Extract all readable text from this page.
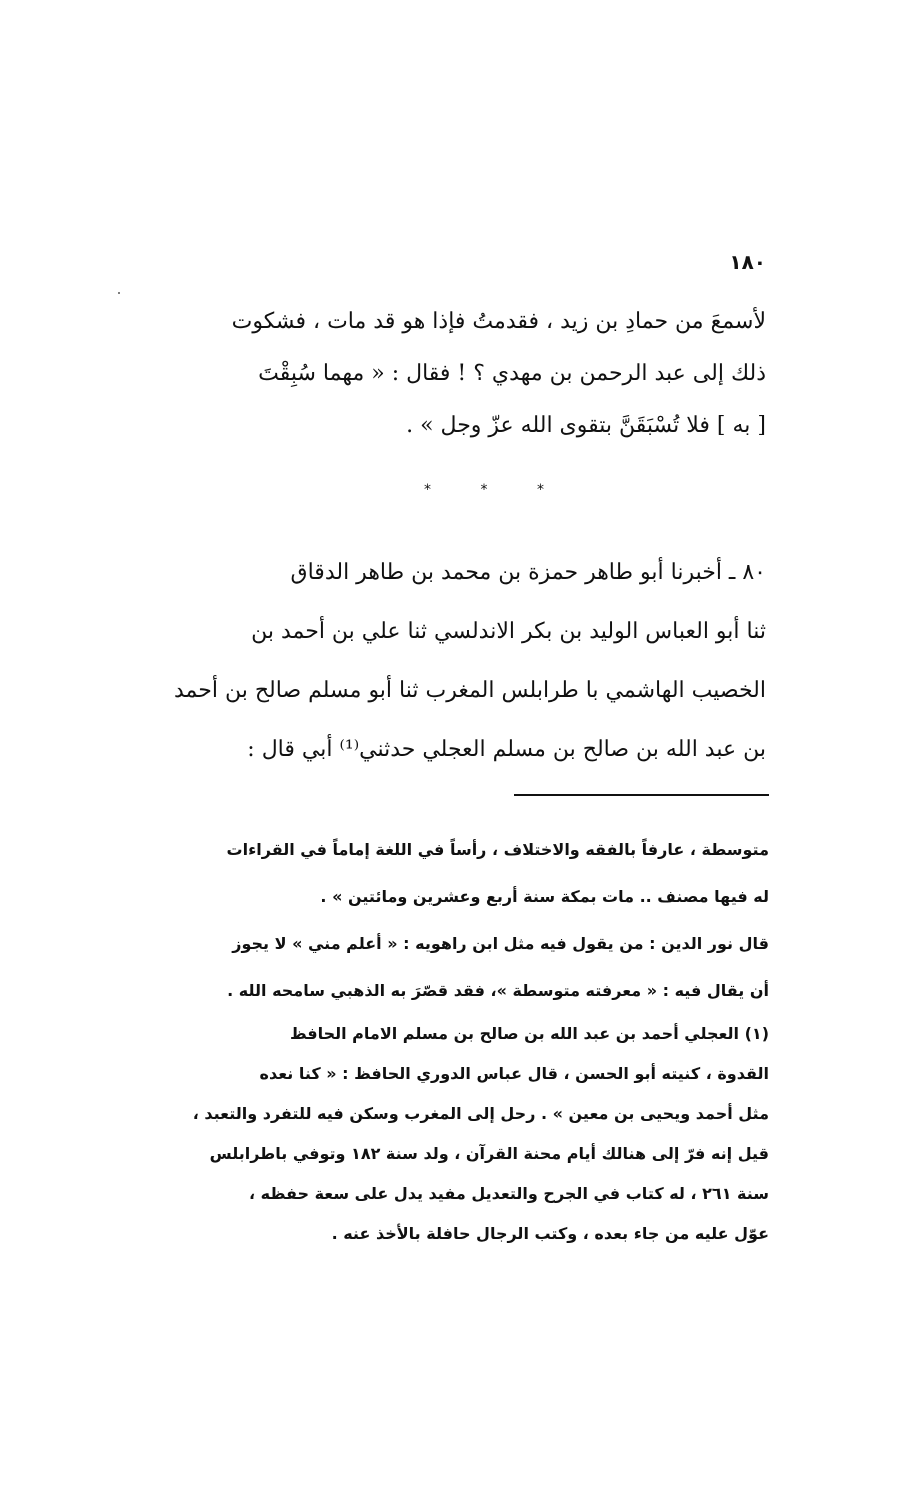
١٨٠
لأسمعَ من حمادِ بن زيد ، فقدمتُ فإذا هو قد مات ، فشكوت
ذلك إلى عبد الرحمن بن مهدي ؟ ! فقال : « مهما سُبِقْتَ
[ به ] فلا تُسْبَقَنَّ بتقوى الله عزّ وجل » .
*	*	*
٨٠ ـ أخبرنا أبو طاهر حمزة بن محمد بن طاهر الدقاق
ثنا أبو العباس الوليد بن بكر الاندلسي ثنا علي بن أحمد بن
الخصيب الهاشمي با طرابلس المغرب ثنا أبو مسلم صالح بن أحمد
بن عبد الله بن صالح بن مسلم العجلي حدثني⁽¹⁾ أبي قال :
متوسطة ، عارفاً بالفقه والاختلاف ، رأساً في اللغة إماماً في القراءات
له فيها مصنف .. مات بمكة سنة أربع وعشرين ومائتين » .
قال نور الدين : من يقول فيه مثل ابن راهويه : « أعلم مني » لا يجوز
أن يقال فيه : « معرفته متوسطة »، فقد قصّرَ به الذهبي سامحه الله .
(١) العجلي أحمد بن عبد الله بن صالح بن مسلم الامام الحافظ
القدوة ، كنيته أبو الحسن ، قال عباس الدوري الحافظ : « كنا نعده
مثل أحمد ويحيى بن معين » . رحل إلى المغرب وسكن فيه للتفرد والتعبد ،
قيل إنه فرّ إلى هنالك أيام محنة القرآن ، ولد سنة ١٨٢ وتوفي باطرابلس
سنة ٢٦١ ، له كتاب في الجرح والتعديل مفيد يدل على سعة حفظه ،
عوّل عليه من جاء بعده ، وكتب الرجال حافلة بالأخذ عنه .
